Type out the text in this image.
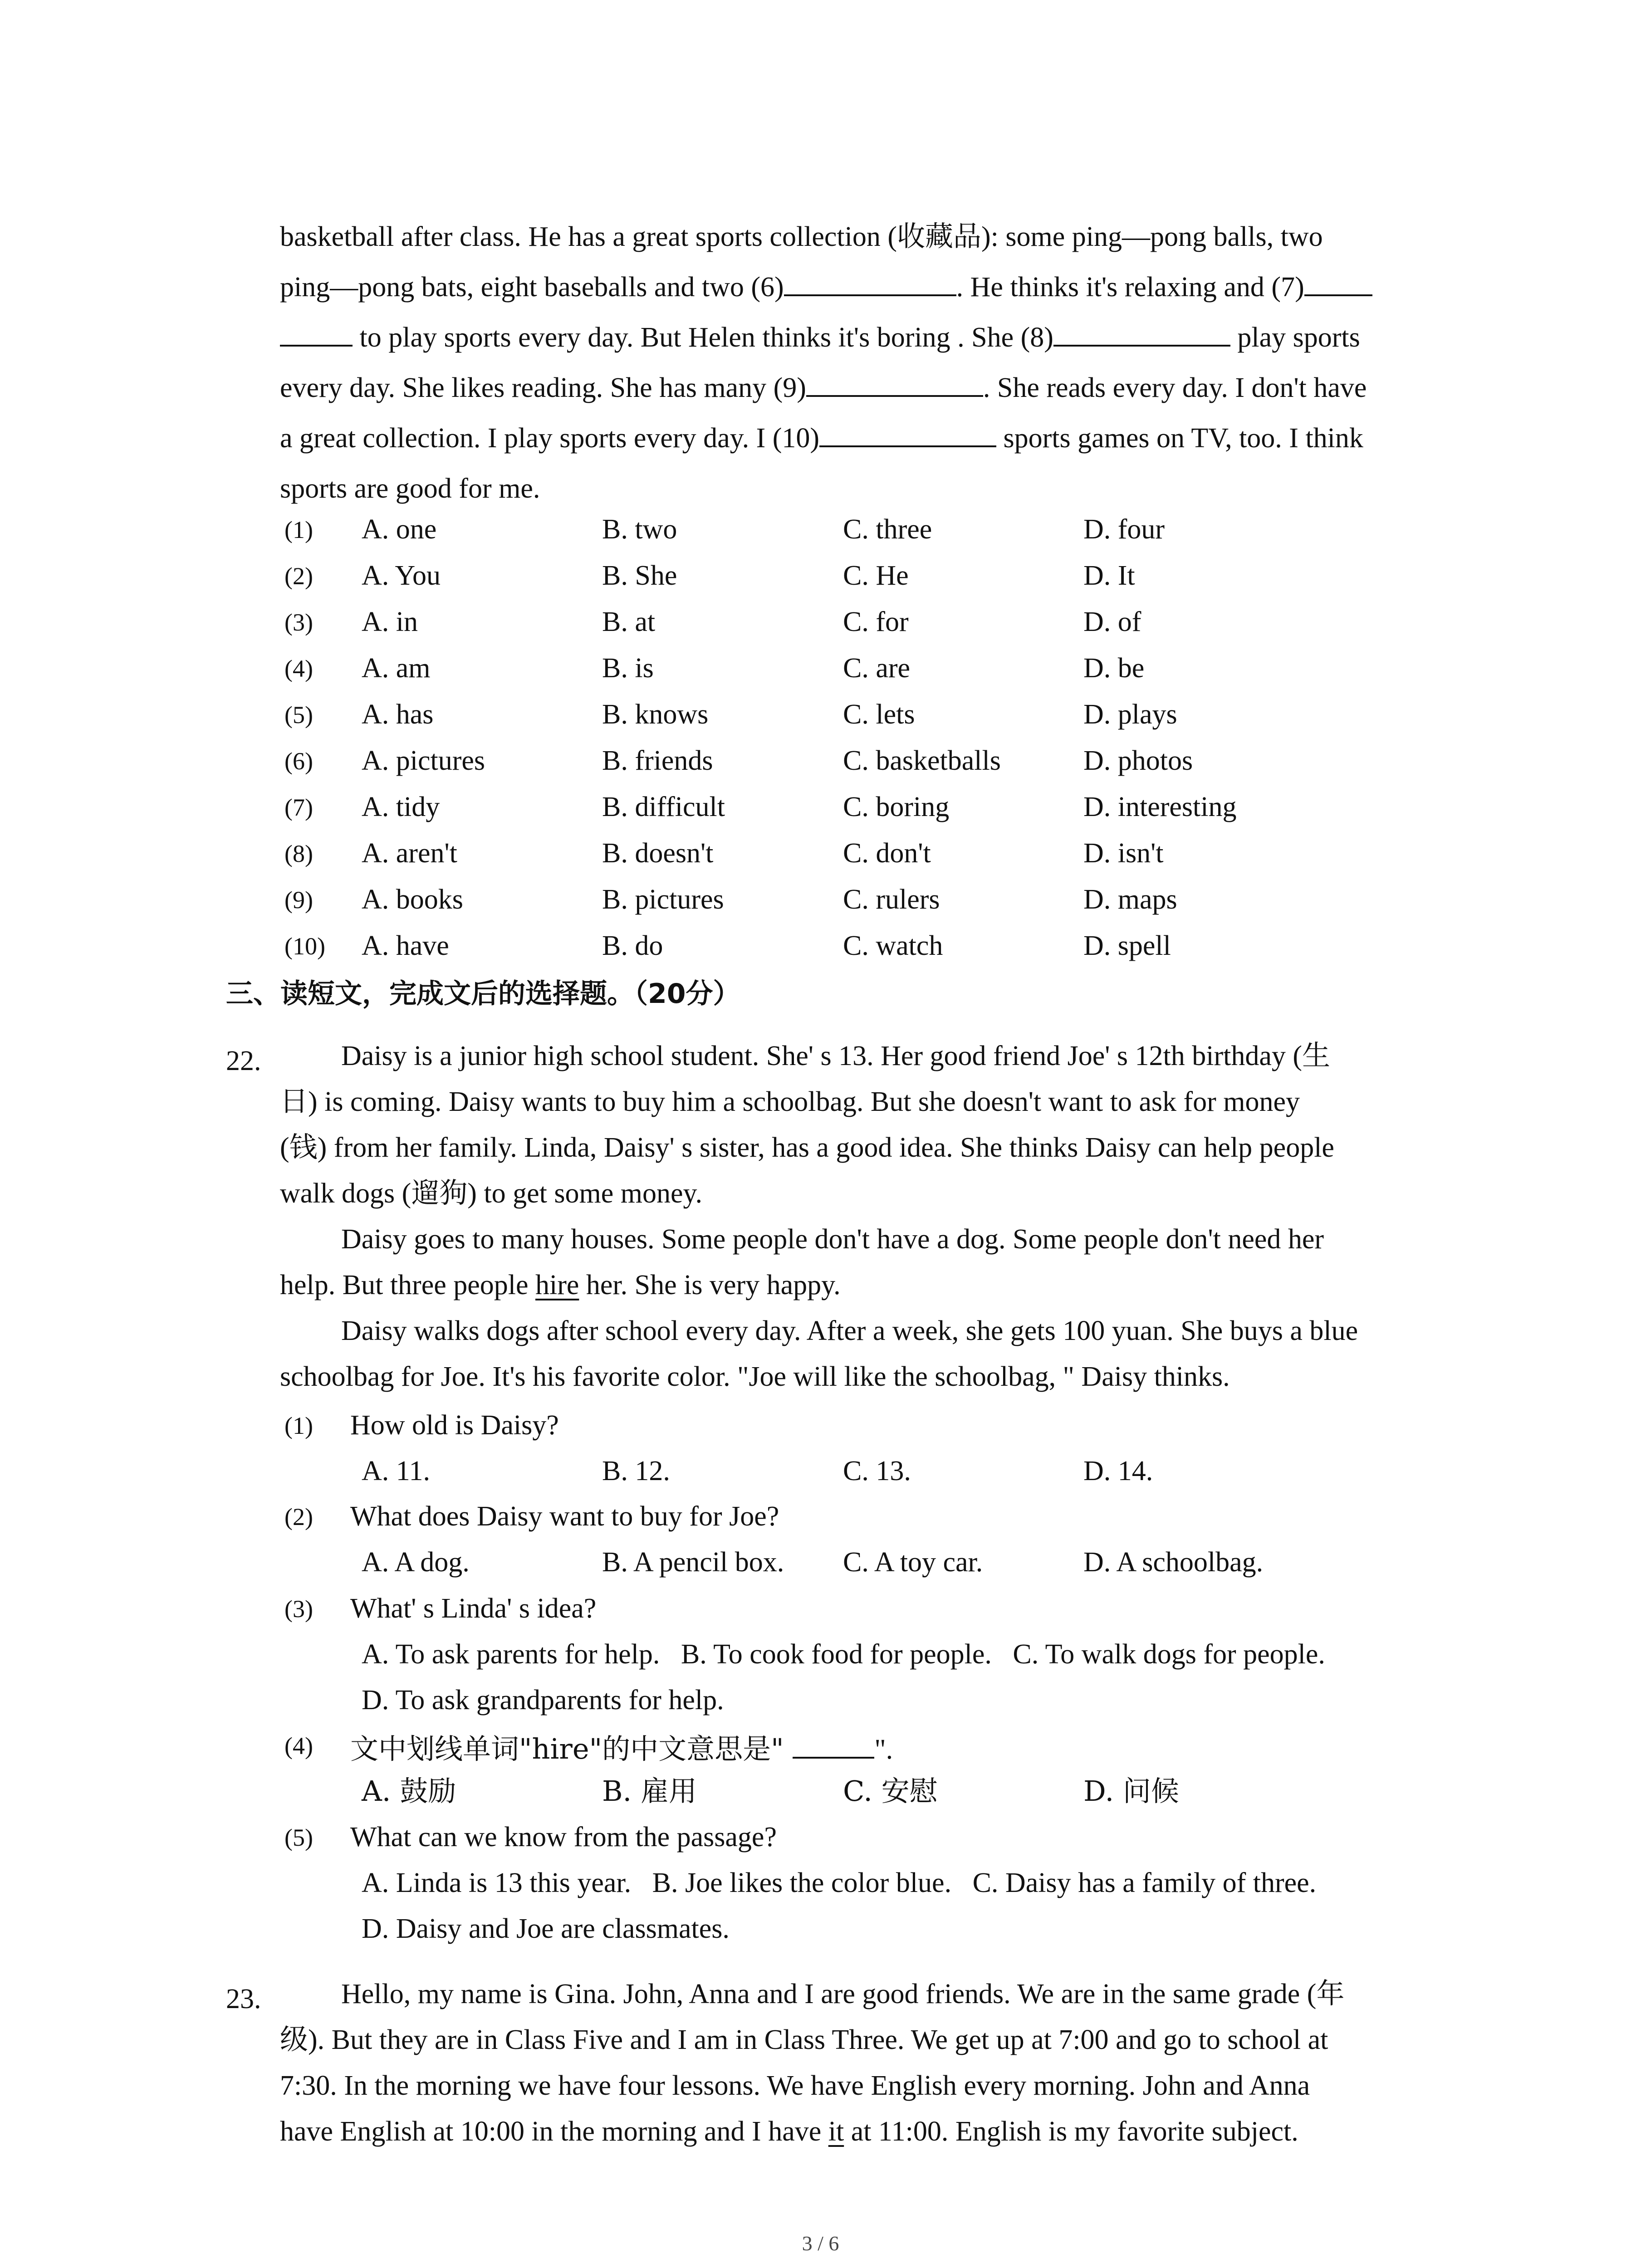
basketball after class. He has a great sports collection (收藏品): some ping—pong balls, two
ping—pong bats, eight baseballs and two (6)	. He thinks it's relaxing and (7)
to play sports every day. But Helen thinks it's boring . She (8)	play sports
every day. She likes reading. She has many (9)	. She reads every day. I don't have
a great collection. I play sports every day. I (10)	sports games on TV, too. I think
sports are good for me.
(1)	A. one	B. two	C. three	D. four
(2)	A. You	B. She	C. He	D. It
(3)	A. in	B. at	C. for	D. of
(4)	A. am	B. is	C. are	D. be
(5)	A. has	B. knows	C. lets	D. plays
(6)	A. pictures	B. friends	C. basketballs	D. photos
(7)	A. tidy	B. difficult	C. boring	D. interesting
(8)	A. aren't	B. doesn't	C. don't	D. isn't
(9)	A. books	B. pictures	C. rulers	D. maps
(10)	A. have	B. do	C. watch	D. spell
三、读短文，完成文后的选择题。（20分）
22.	Daisy is a junior high school student. She' s 13. Her good friend Joe' s 12th birthday (生
日) is coming. Daisy wants to buy him a schoolbag. But she doesn't want to ask for money
(钱) from her family. Linda, Daisy' s sister, has a good idea. She thinks Daisy can help people
walk dogs (遛狗) to get some money.
Daisy goes to many houses. Some people don't have a dog. Some people don't need her
help. But three people hire her. She is very happy.
Daisy walks dogs after school every day. After a week, she gets 100 yuan. She buys a blue
schoolbag for Joe. It's his favorite color. "Joe will like the schoolbag, " Daisy thinks.
(1)	How old is Daisy?
A. 11.	B. 12.	C. 13.	D. 14.
(2)	What does Daisy want to buy for Joe?
A. A dog.	B. A pencil box. C. A toy car.	D. A schoolbag.
(3)	What' s Linda' s idea?
A. To ask parents for help.   B. To cook food for people.   C. To walk dogs for people.
D. To ask grandparents for help.
(4)	文中划线单词"hire"的中文意思是"	".
A. 鼓励	B. 雇用	C. 安慰	D. 问候
(5)	What can we know from the passage?
A. Linda is 13 this year.   B. Joe likes the color blue.   C. Daisy has a family of three.
D. Daisy and Joe are classmates.
23.	Hello, my name is Gina. John, Anna and I are good friends. We are in the same grade (年
级). But they are in Class Five and I am in Class Three. We get up at 7:00 and go to school at
7:30. In the morning we have four lessons. We have English every morning. John and Anna
have English at 10:00 in the morning and I have it at 11:00. English is my favorite subject.
3 / 6
